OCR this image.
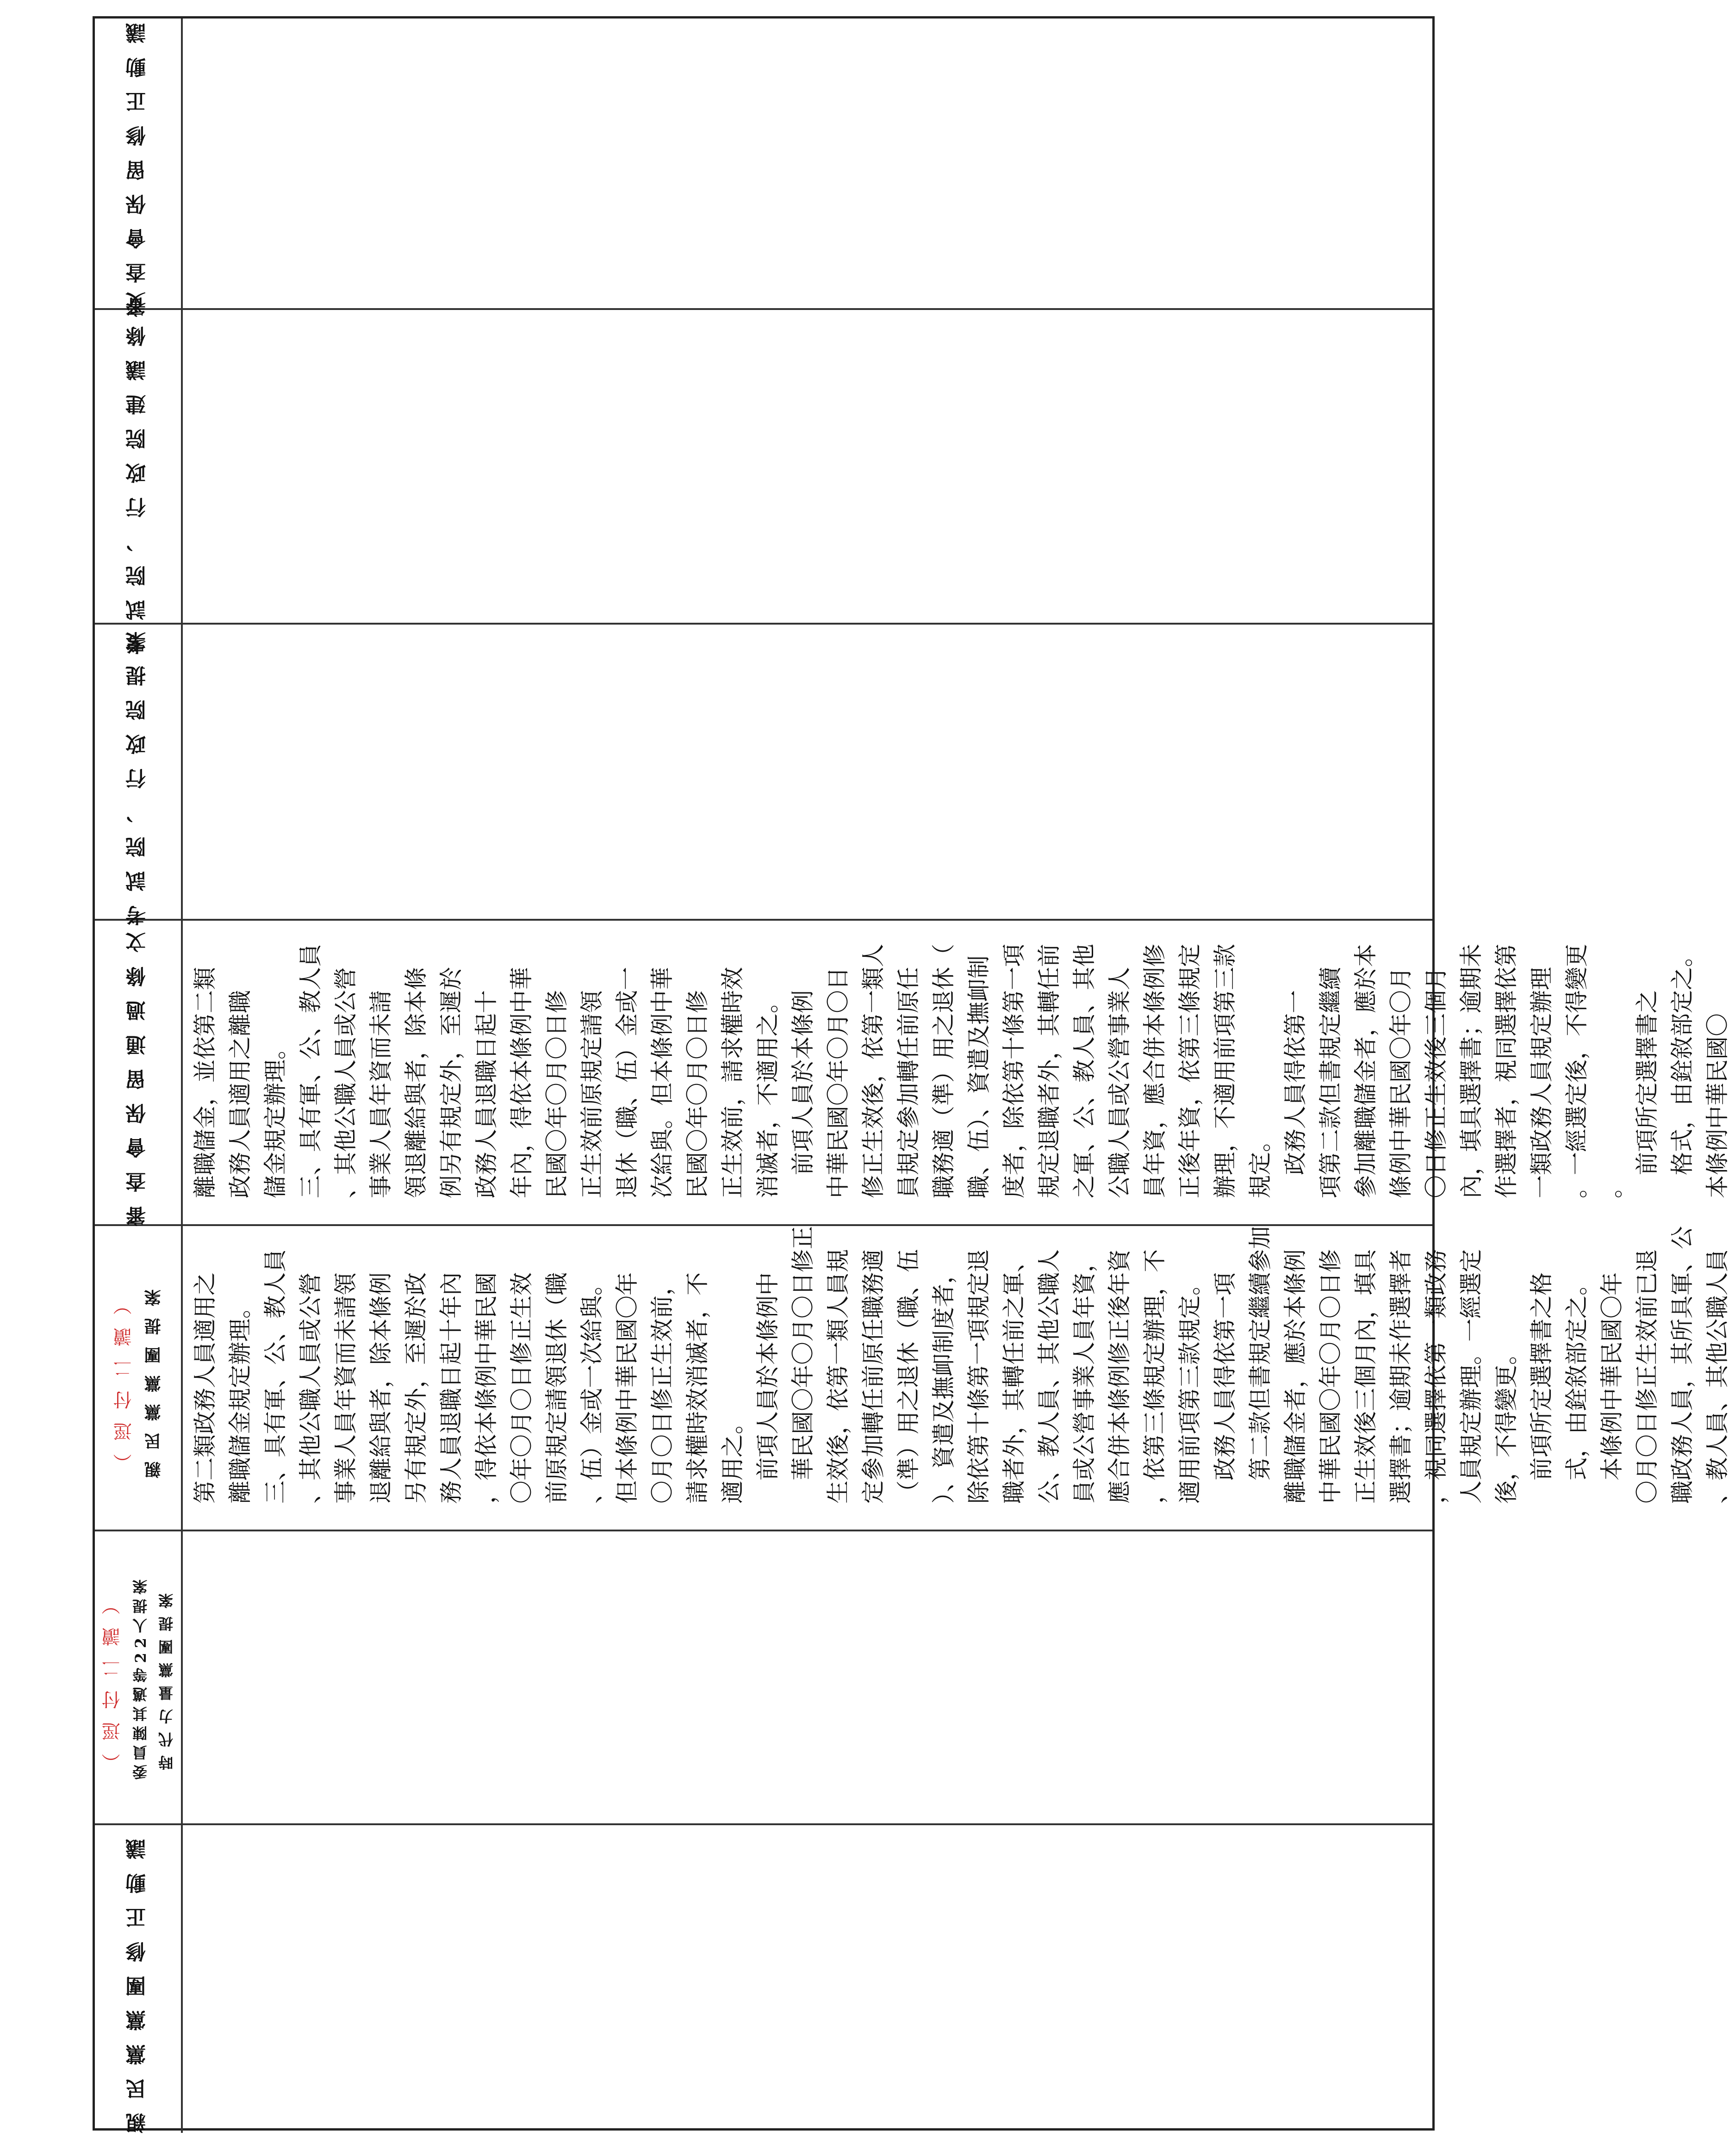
審查會保留修正動議
考試院、行政院建議條文
考試院、行政院提案
審查會保留通過條文 離職儲金，並依第二類 政務人員適用之離職 儲金規定辦理。 三、具有軍、公、教人員 、其他公職人員或公營 事業人員年資而未請 領退離給與者，除本條 例另有規定外，至遲於 政務人員退職日起十 年內，得依本條例中華 民國〇年〇月〇日修 正生效前原規定請領 退休（職、伍）金或一 次給與。但本條例中華 民國〇年〇月〇日修 正生效前，請求權時效 消滅者，不適用之。 前項人員於本條例 中華民國〇年〇月〇日 修正生效後，依第一類人 員規定參加轉任前原任 職務適（準）用之退休（ 職、伍）、資遣及撫卹制 度者，除依第十條第一項 規定退職者外，其轉任前 之軍、公、教人員、其他 公職人員或公營事業人 員年資，應合併本條例修 正後年資，依第三條規定 辦理，不適用前項第三款 規定。 政務人員得依第一 項第二款但書規定繼續 參加離職儲金者，應於本 條例中華民國〇年〇月 〇日修正生效後三個月 內，填具選擇書；逾期未 作選擇者，視同選擇依第 一類政務人員規定辦理 。一經選定後，不得變更 。

前項所定選擇書之 格式，由銓敘部定之。 本條例中華民國〇

（逕付二讀） 親民黨黨團提案 第二類政務人員適用之 離職儲金規定辦理。 三、具有軍、公、教人員 、其他公職人員或公營 事業人員年資而未請領 退離給與者，除本條例 另有規定外，至遲於政 務人員退職日起十年內 ，得依本條例中華民國 〇年〇月〇日修正生效 前原規定請領退休（職 、伍）金或一次給與。 但本條例中華民國〇年 〇月〇日修正生效前， 請求權時效消滅者，不 適用之。 前項人員於本條例中 華民國〇年〇月〇日修正 生效後，依第一類人員規 定參加轉任前原任職務適 （準）用之退休（職、伍 ）、資遣及撫卹制度者， 除依第十條第一項規定退 職者外，其轉任前之軍、 公、教人員、其他公職人 員或公營事業人員年資， 應合併本條例修正後年資 ，依第三條規定辦理，不 適用前項第三款規定。 政務人員得依第一項 第二款但書規定繼續參加 離職儲金者，應於本條例 中華民國〇年〇月〇日修 正生效後三個月內，填具 選擇書；逾期未作選擇者 ，視同選擇依第一類政務 人員規定辦理。一經選定 後，不得變更。 前項所定選擇書之格 式，由銓敘部定之。 本條例中華民國〇年 〇月〇日修正生效前已退 職政務人員，其所具軍、公 、教人員、其他公職人員

（逕付二讀） 委員陳其邁等22人提案 時代力量黨團提案
親民黨黨團修正動議
